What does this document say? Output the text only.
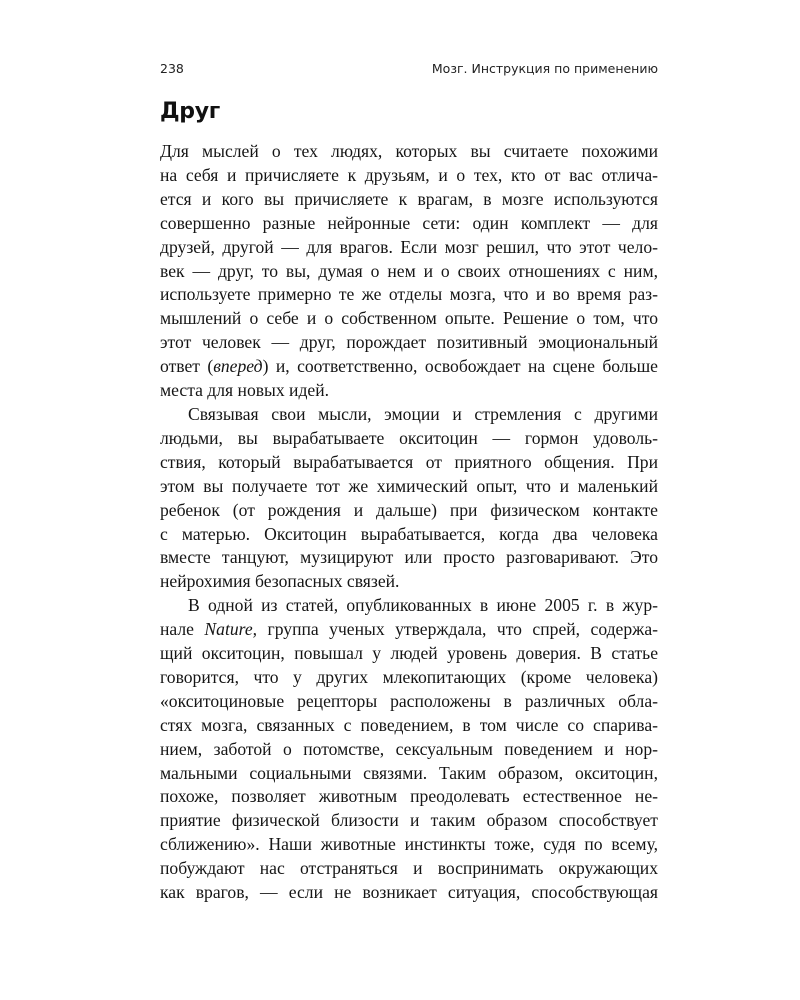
238	Мозг. Инструкция по применению
Друг

Для мыслей о тех людях, которых вы считаете похожими
на себя и причисляете к друзьям, и о тех, кто от вас отлича-
ется и кого вы причисляете к врагам, в мозге используются
совершенно разные нейронные сети: один комплект — для
друзей, другой — для врагов. Если мозг решил, что этот чело-
век — друг, то вы, думая о нем и о своих отношениях с ним,
используете примерно те же отделы мозга, что и во время раз-
мышлений о себе и о собственном опыте. Решение о том, что
этот человек — друг, порождает позитивный эмоциональный
ответ (вперед) и, соответственно, освобождает на сцене больше
места для новых идей.

Связывая свои мысли, эмоции и стремления с другими
людьми, вы вырабатываете окситоцин — гормон удоволь-
ствия, который вырабатывается от приятного общения. При
этом вы получаете тот же химический опыт, что и маленький
ребенок (от рождения и дальше) при физическом контакте
с матерью. Окситоцин вырабатывается, когда два человека
вместе танцуют, музицируют или просто разговаривают. Это
нейрохимия безопасных связей.

В одной из статей, опубликованных в июне 2005 г. в жур-
нале Nature, группа ученых утверждала, что спрей, содержа-
щий окситоцин, повышал у людей уровень доверия. В статье
говорится, что у других млекопитающих (кроме человека)
«окситоциновые рецепторы расположены в различных обла-
стях мозга, связанных с поведением, в том числе со спарива-
нием, заботой о потомстве, сексуальным поведением и нор-
мальными социальными связями. Таким образом, окситоцин,
похоже, позволяет животным преодолевать естественное не-
приятие физической близости и таким образом способствует
сближению». Наши животные инстинкты тоже, судя по всему,
побуждают нас отстраняться и воспринимать окружающих
как врагов, — если не возникает ситуация, способствующая
